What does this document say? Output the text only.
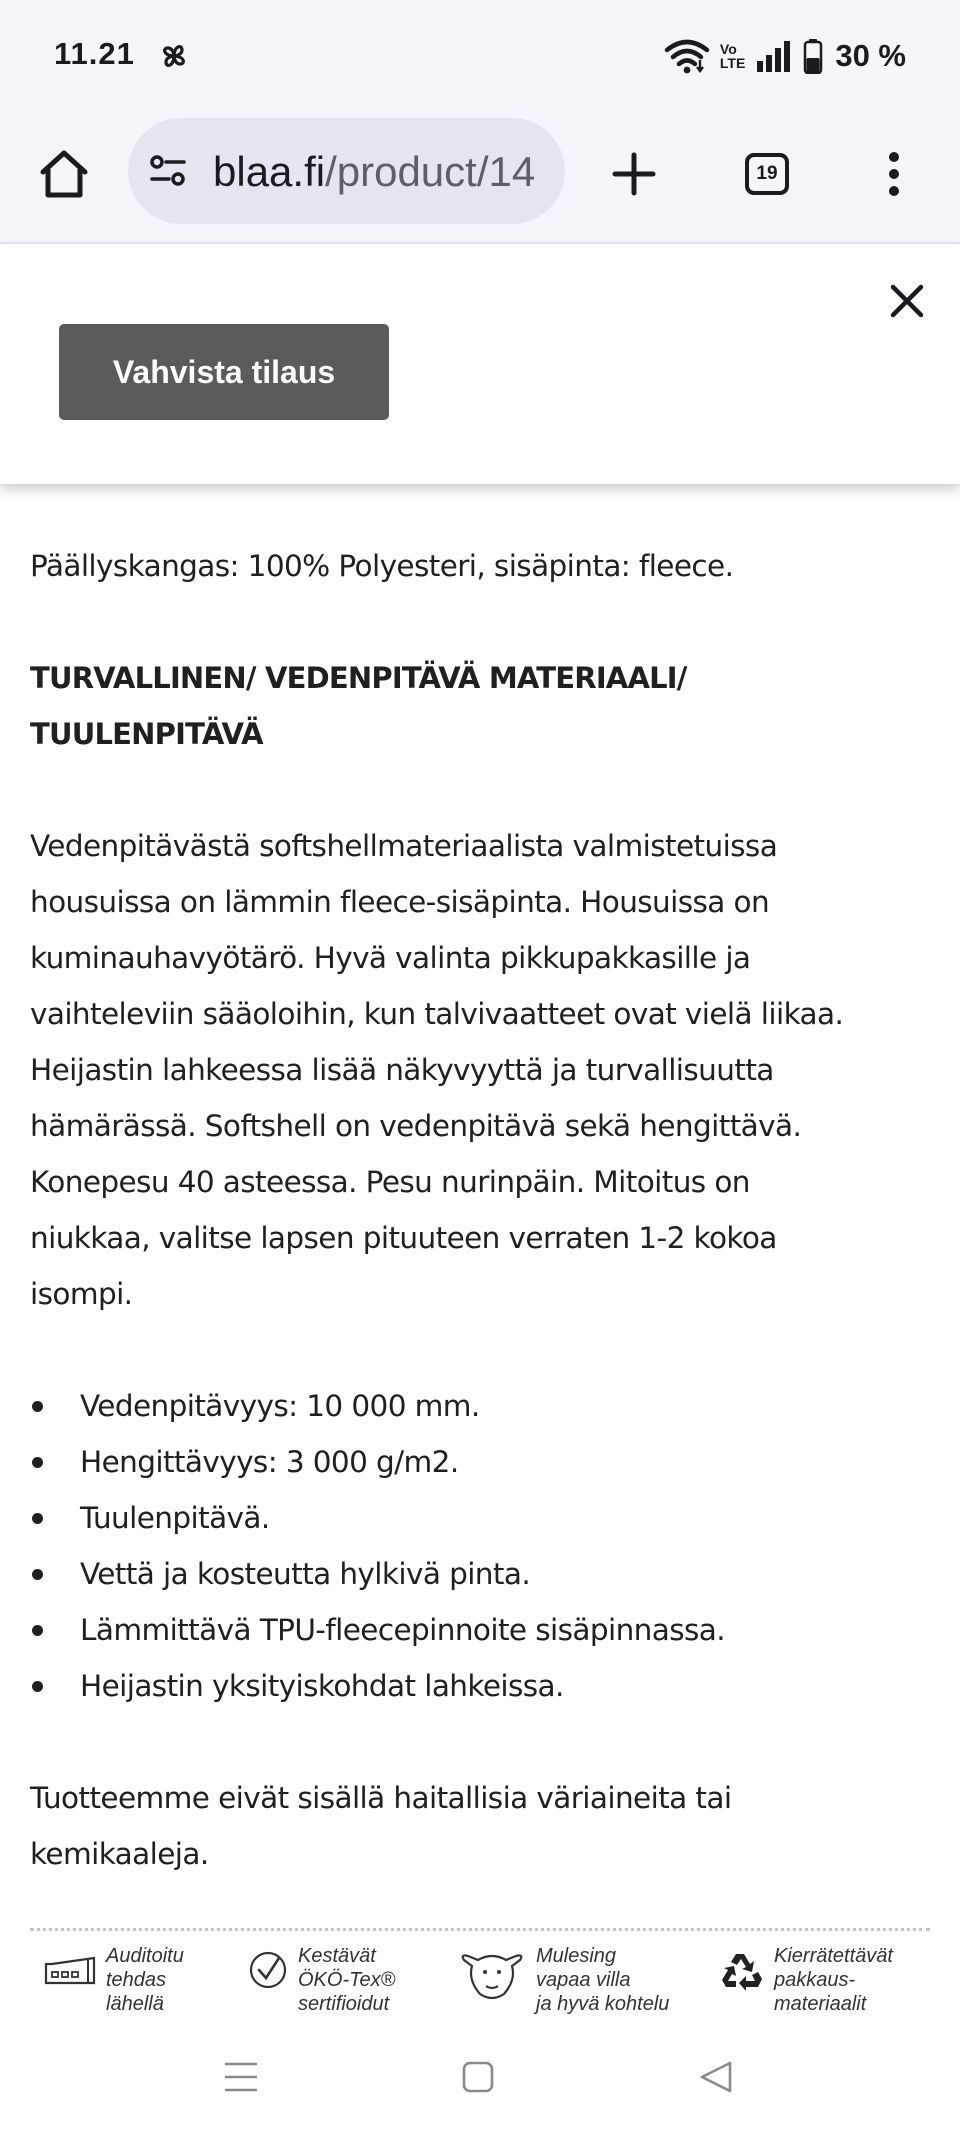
11.21	Vo
LTE	30 %
blaa.fi/product/14	19
Vahvista tilaus

Päällyskangas: 100% Polyesteri, sisäpinta: fleece.

TURVALLINEN/ VEDENPITÄVÄ MATERIAALI/
TUULENPITÄVÄ

Vedenpitävästä softshellmateriaalista valmistetuissa
housuissa on lämmin fleece-sisäpinta. Housuissa on
kuminauhavyötärö. Hyvä valinta pikkupakkasille ja
vaihteleviin sääoloihin, kun talvivaatteet ovat vielä liikaa.
Heijastin lahkeessa lisää näkyvyyttä ja turvallisuutta
hämärässä. Softshell on vedenpitävä sekä hengittävä.
Konepesu 40 asteessa. Pesu nurinpäin. Mitoitus on
niukkaa, valitse lapsen pituuteen verraten 1-2 kokoa
isompi.

Vedenpitävyys: 10 000 mm.
Hengittävyys: 3 000 g/m2.
Tuulenpitävä.
Vettä ja kosteutta hylkivä pinta.
Lämmittävä TPU-fleecepinnoite sisäpinnassa.
Heijastin yksityiskohdat lahkeissa.

Tuotteemme eivät sisällä haitallisia väriaineita tai
kemikaaleja.

Auditoitu
tehdas
lähellä
Kestävät
ÖKÖ-Tex®
sertifioidut
Mulesing
vapaa villa
ja hyvä kohtelu
Kierrätettävät
pakkaus-
materiaalit
